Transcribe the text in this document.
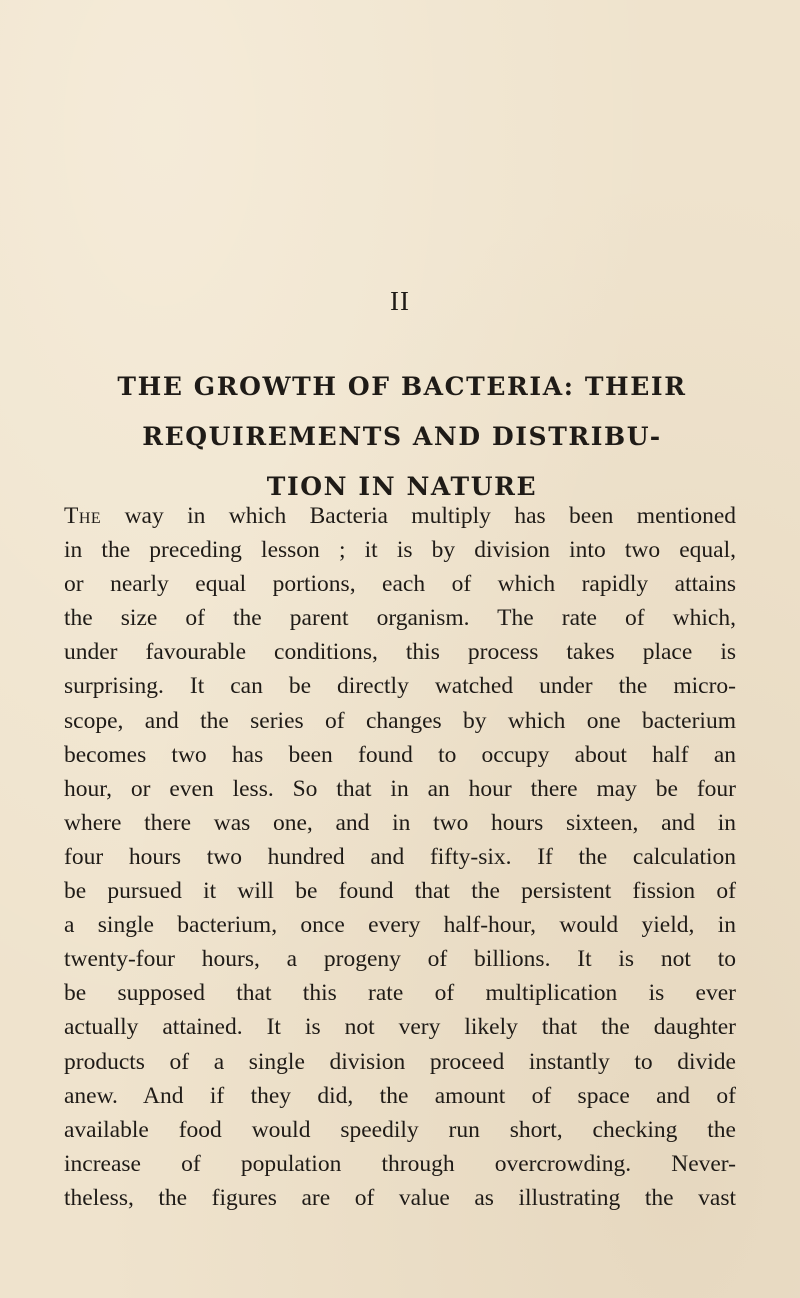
II
THE GROWTH OF BACTERIA: THEIR
REQUIREMENTS AND DISTRIBU-
TION IN NATURE
The way in which Bacteria multiply has been mentioned
in the preceding lesson ; it is by division into two equal,
or nearly equal portions, each of which rapidly attains
the size of the parent organism. The rate of which,
under favourable conditions, this process takes place is
surprising. It can be directly watched under the micro-
scope, and the series of changes by which one bacterium
becomes two has been found to occupy about half an
hour, or even less. So that in an hour there may be four
where there was one, and in two hours sixteen, and in
four hours two hundred and fifty-six. If the calculation
be pursued it will be found that the persistent fission of
a single bacterium, once every half-hour, would yield, in
twenty-four hours, a progeny of billions. It is not to
be supposed that this rate of multiplication is ever
actually attained. It is not very likely that the daughter
products of a single division proceed instantly to divide
anew. And if they did, the amount of space and of
available food would speedily run short, checking the
increase of population through overcrowding. Never-
theless, the figures are of value as illustrating the vast
